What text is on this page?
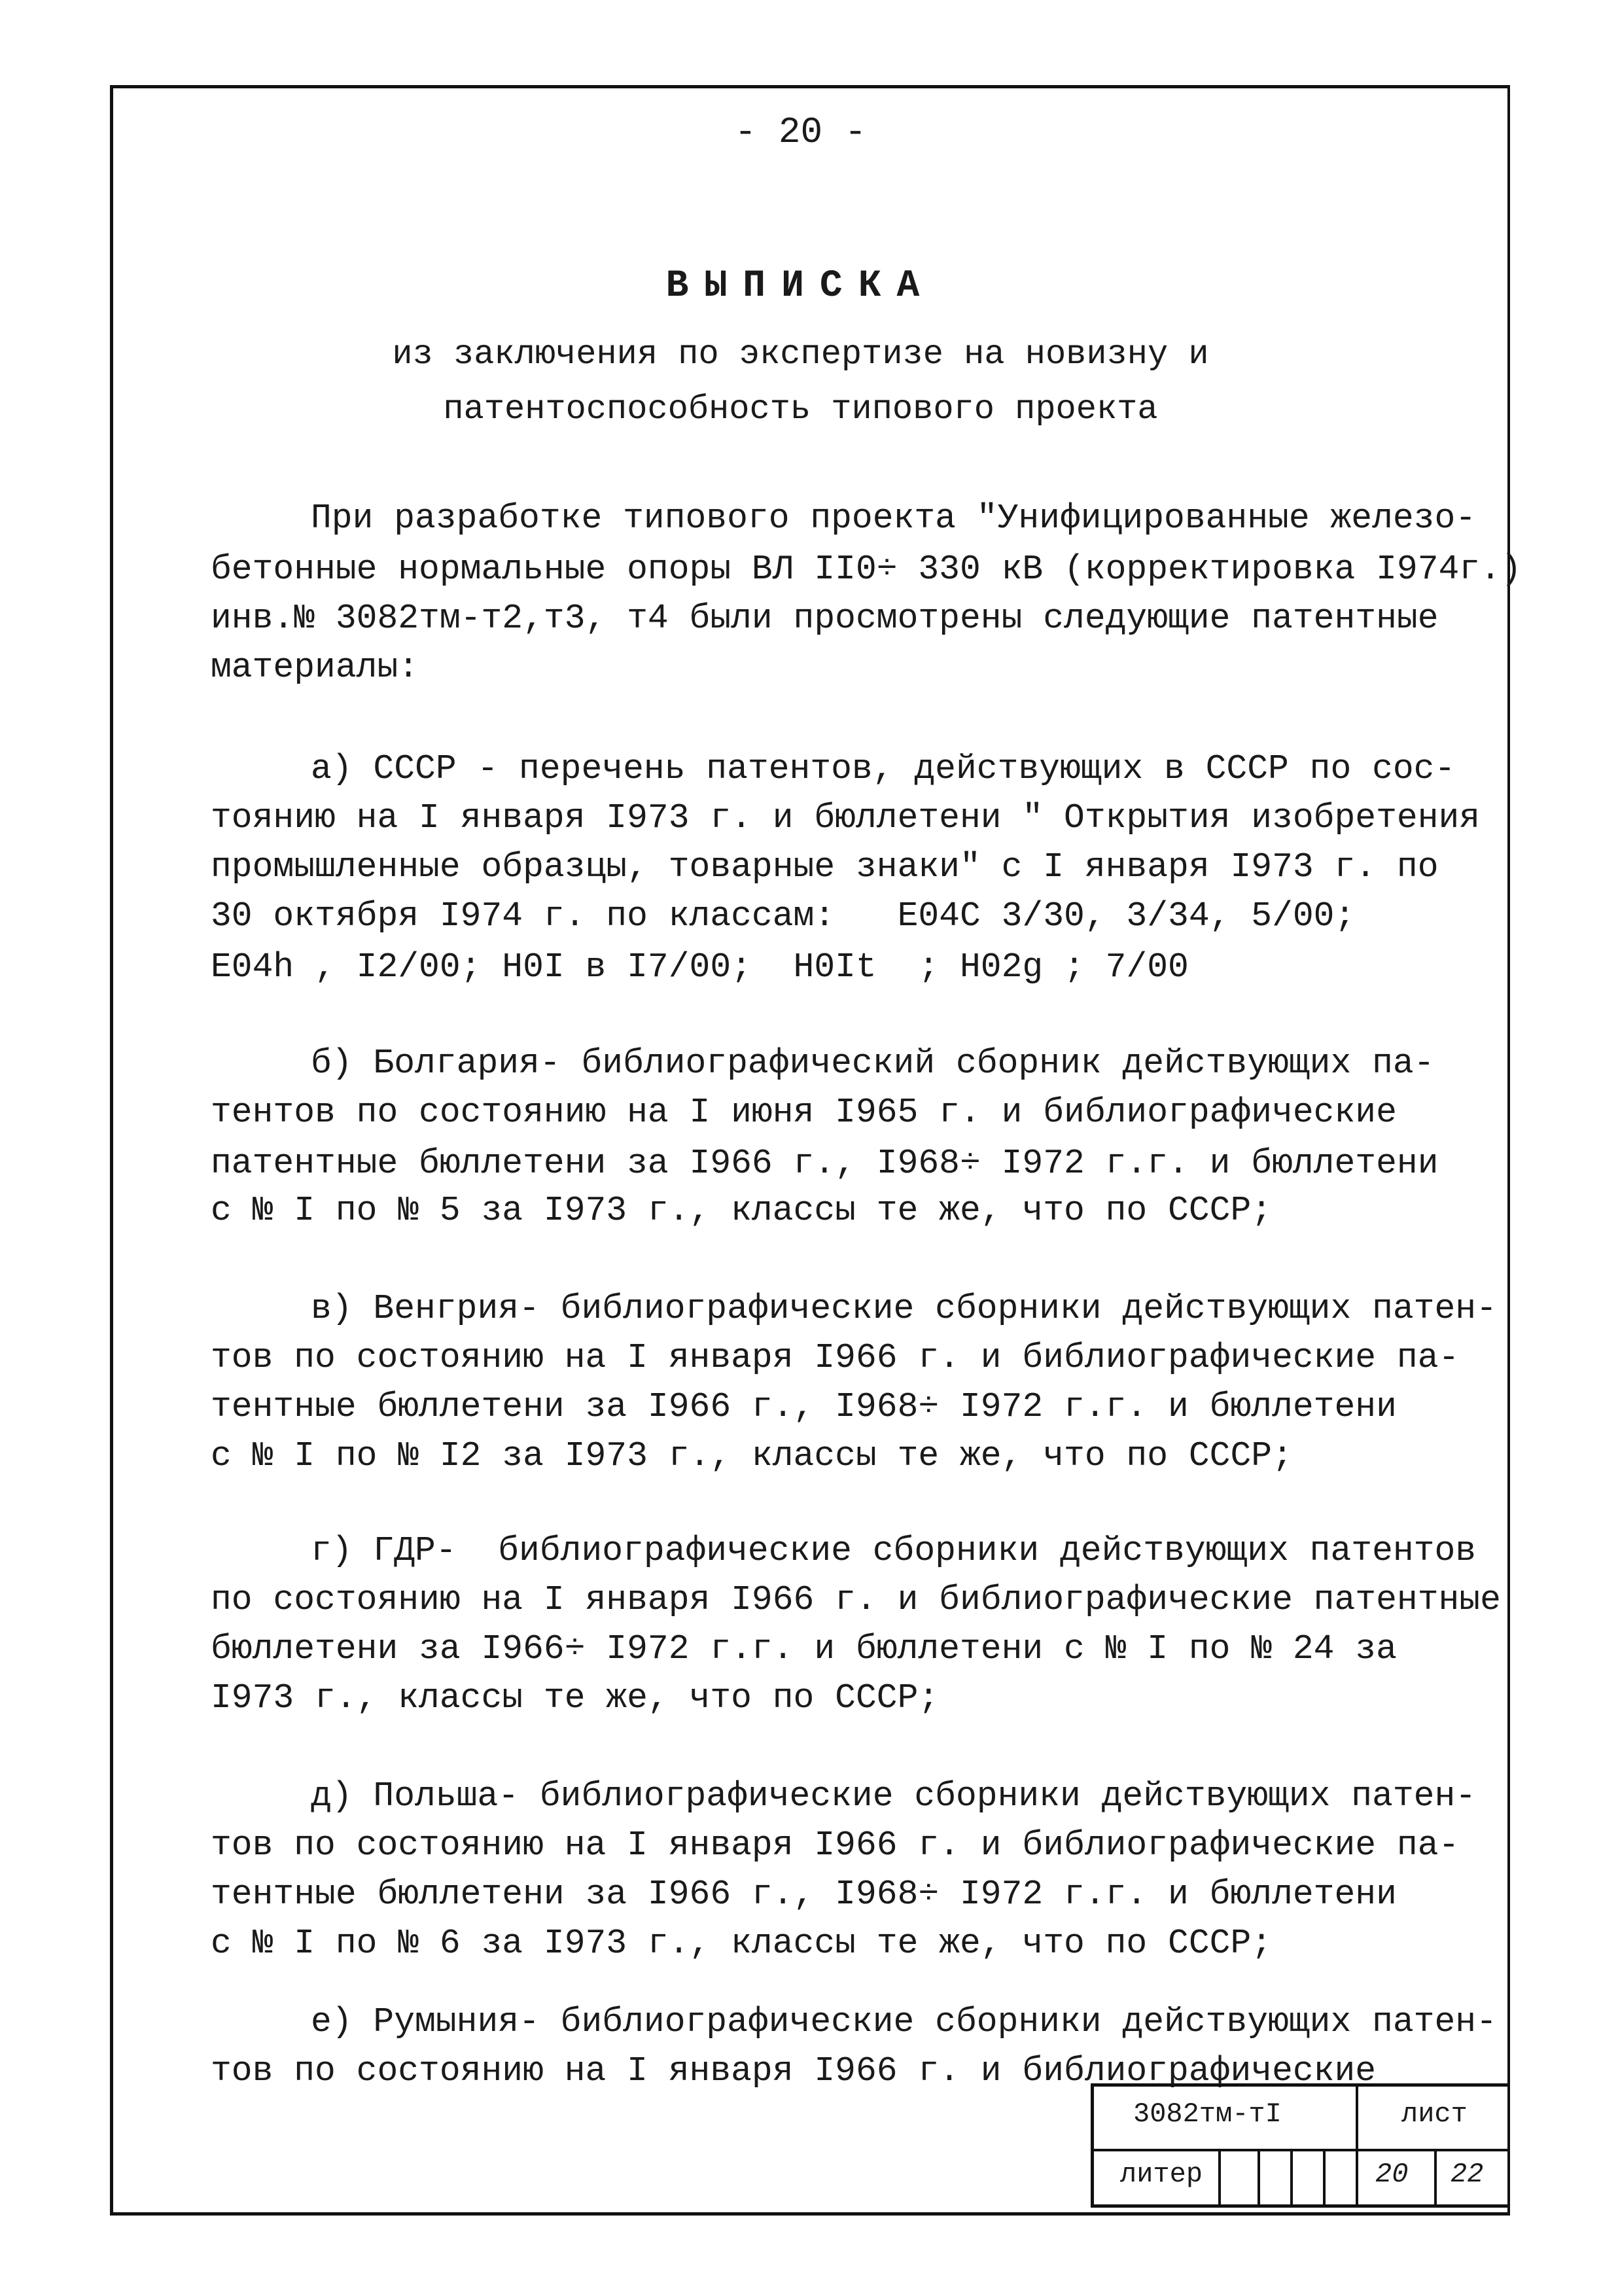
- 20 -
ВЫПИСКА
из заключения по экспертизе на новизну и
патентоспособность типового проекта
При разработке типового проекта "Унифицированные железо-
бетонные нормальные опоры ВЛ II0÷ 330 кВ (корректировка I974г.)
инв.№ 3082тм-т2,т3, т4 были просмотрены следующие патентные
материалы:
а) СССР - перечень патентов, действующих в СССР по сос-
тоянию на I января I973 г. и бюллетени " Открытия изобретения
промышленные образцы, товарные знаки" с I января I973 г. по
30 октября I974 г. по классам:   Е04С 3/30, 3/34, 5/00;
Е04h , I2/00; H0I в I7/00;  H0It  ; H02g ; 7/00
б) Болгария- библиографический сборник действующих па-
тентов по состоянию на I июня I965 г. и библиографические
патентные бюллетени за I966 г., I968÷ I972 г.г. и бюллетени
с № I по № 5 за I973 г., классы те же, что по СССР;
в) Венгрия- библиографические сборники действующих патен-
тов по состоянию на I января I966 г. и библиографические па-
тентные бюллетени за I966 г., I968÷ I972 г.г. и бюллетени
с № I по № I2 за I973 г., классы те же, что по СССР;
г) ГДР-  библиографические сборники действующих патентов
по состоянию на I января I966 г. и библиографические патентные
бюллетени за I966÷ I972 г.г. и бюллетени с № I по № 24 за
I973 г., классы те же, что по СССР;
д) Польша- библиографические сборники действующих патен-
тов по состоянию на I января I966 г. и библиографические па-
тентные бюллетени за I966 г., I968÷ I972 г.г. и бюллетени
с № I по № 6 за I973 г., классы те же, что по СССР;
е) Румыния- библиографические сборники действующих патен-
тов по состоянию на I января I966 г. и библиографические
3082тм-тI	лист
литер	20 22
